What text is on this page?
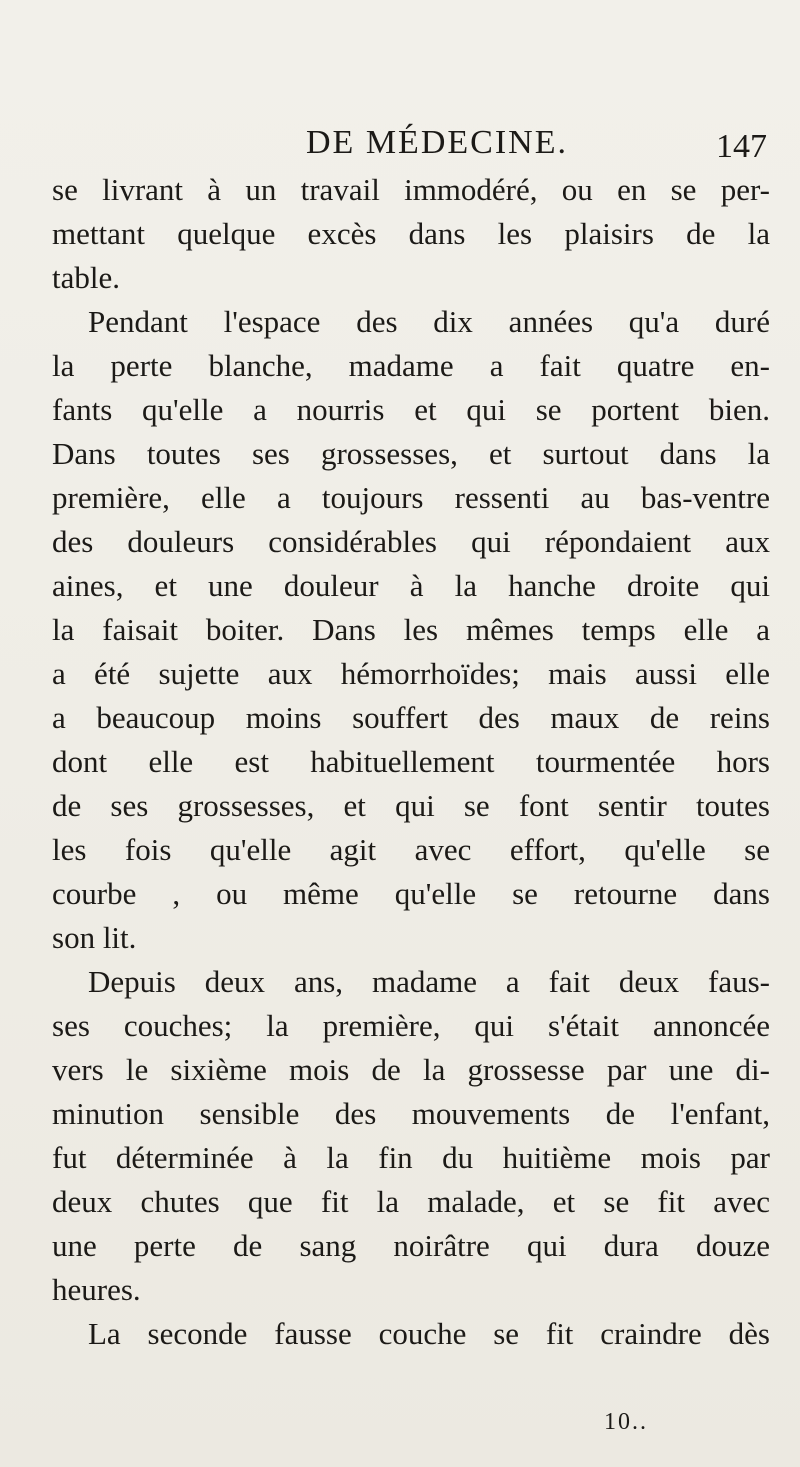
DE MÉDECINE.	147
se livrant à un travail immodéré, ou en se per-
mettant quelque excès dans les plaisirs de la
table.
Pendant l'espace des dix années qu'a duré
la perte blanche, madame a fait quatre en-
fants qu'elle a nourris et qui se portent bien.
Dans toutes ses grossesses, et surtout dans la
première, elle a toujours ressenti au bas-ventre
des douleurs considérables qui répondaient aux
aines, et une douleur à la hanche droite qui
la faisait boiter. Dans les mêmes temps elle a
a été sujette aux hémorrhoïdes; mais aussi elle
a beaucoup moins souffert des maux de reins
dont elle est habituellement tourmentée hors
de ses grossesses, et qui se font sentir toutes
les fois qu'elle agit avec effort, qu'elle se
courbe , ou même qu'elle se retourne dans
son lit.
Depuis deux ans, madame a fait deux faus-
ses couches; la première, qui s'était annoncée
vers le sixième mois de la grossesse par une di-
minution sensible des mouvements de l'enfant,
fut déterminée à la fin du huitième mois par
deux chutes que fit la malade, et se fit avec
une perte de sang noirâtre qui dura douze
heures.
La seconde fausse couche se fit craindre dès
10..
